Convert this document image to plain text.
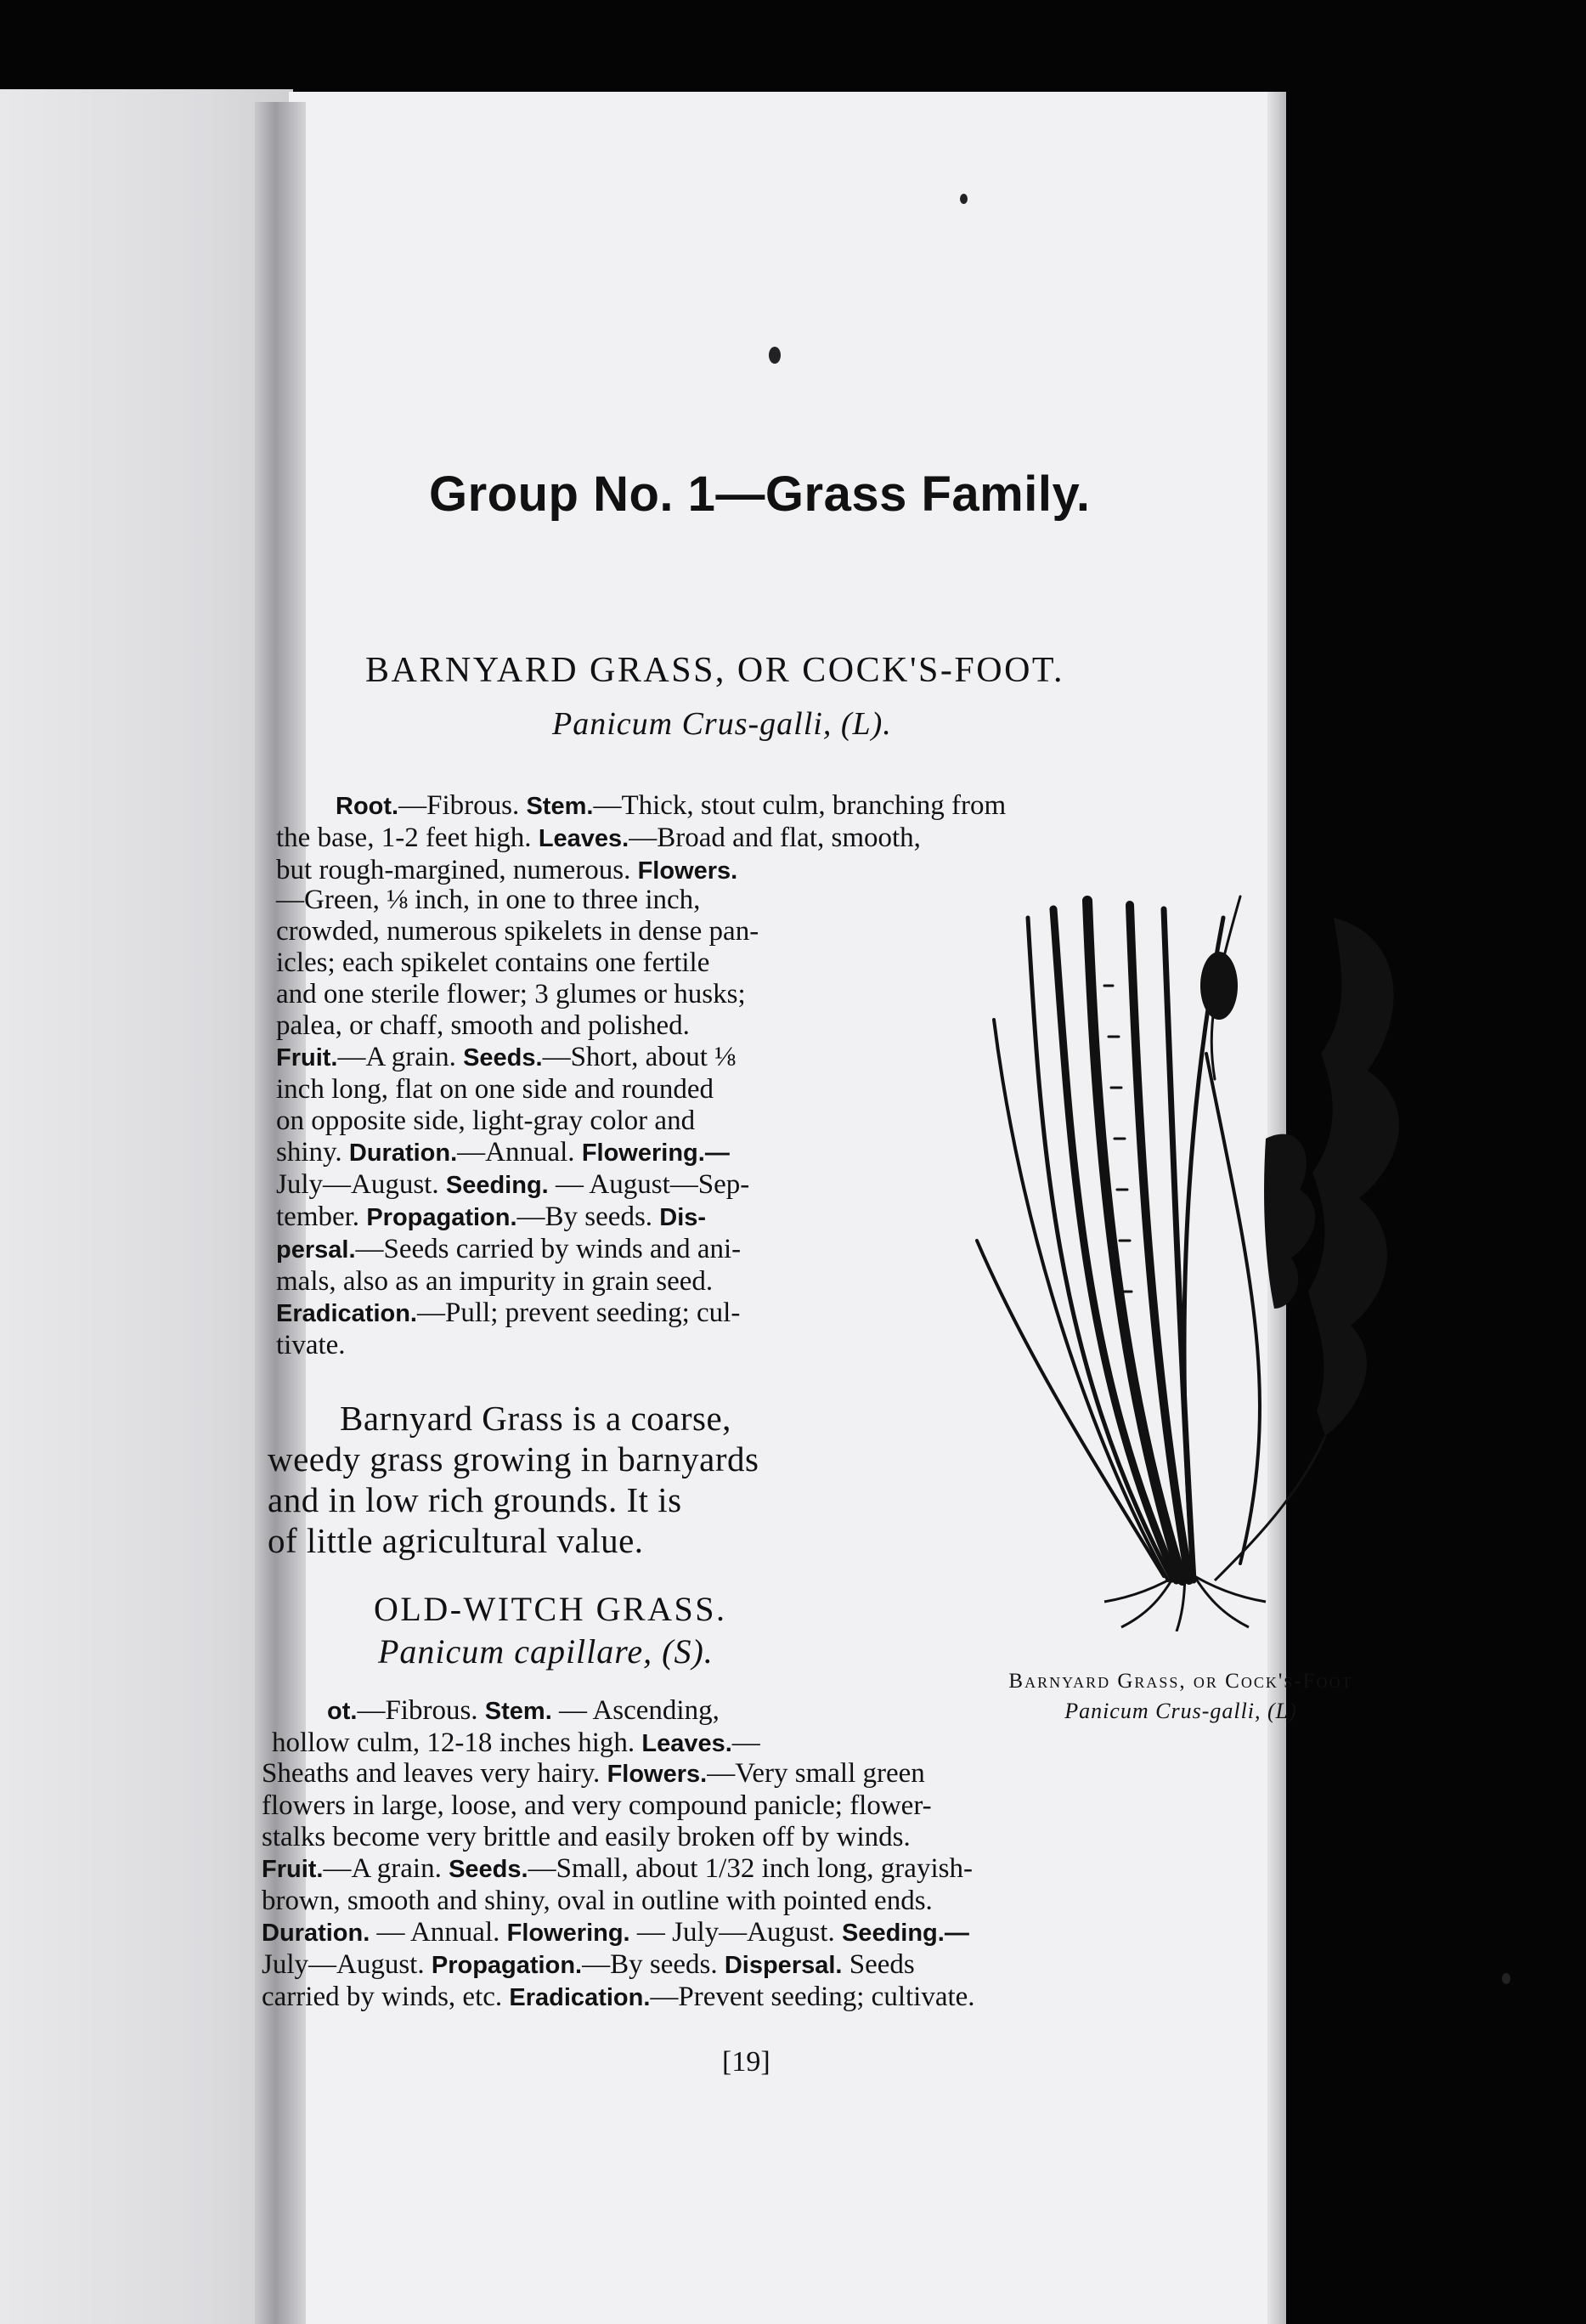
Group No. 1—Grass Family.
BARNYARD GRASS, OR COCK'S-FOOT.
Panicum Crus-galli, (L).
Root.—Fibrous. Stem.—Thick, stout culm, branching from
the base, 1-2 feet high. Leaves.—Broad and flat, smooth,
but rough-margined, numerous. Flowers.
—Green, ⅛ inch, in one to three inch,
crowded, numerous spikelets in dense pan-
icles; each spikelet contains one fertile
and one sterile flower; 3 glumes or husks;
palea, or chaff, smooth and polished.
Fruit.—A grain. Seeds.—Short, about ⅛
inch long, flat on one side and rounded
on opposite side, light-gray color and
shiny. Duration.—Annual. Flowering.—
July—August. Seeding. — August—Sep-
tember. Propagation.—By seeds. Dis-
persal.—Seeds carried by winds and ani-
mals, also as an impurity in grain seed.
Eradication.—Pull; prevent seeding; cul-
tivate.
Barnyard Grass is a coarse,
weedy grass growing in barnyards
and in low rich grounds. It is
of little agricultural value.
Barnyard Grass, or Cock's-Foot
Panicum Crus-galli, (L)
OLD-WITCH GRASS.
Panicum capillare, (S).
ot.—Fibrous. Stem. — Ascending,
hollow culm, 12-18 inches high. Leaves.—
Sheaths and leaves very hairy. Flowers.—Very small green
flowers in large, loose, and very compound panicle; flower-
stalks become very brittle and easily broken off by winds.
Fruit.—A grain. Seeds.—Small, about 1/32 inch long, grayish-
brown, smooth and shiny, oval in outline with pointed ends.
Duration. — Annual. Flowering. — July—August. Seeding.—
July—August. Propagation.—By seeds. Dispersal. Seeds
carried by winds, etc. Eradication.—Prevent seeding; cultivate.
[19]
